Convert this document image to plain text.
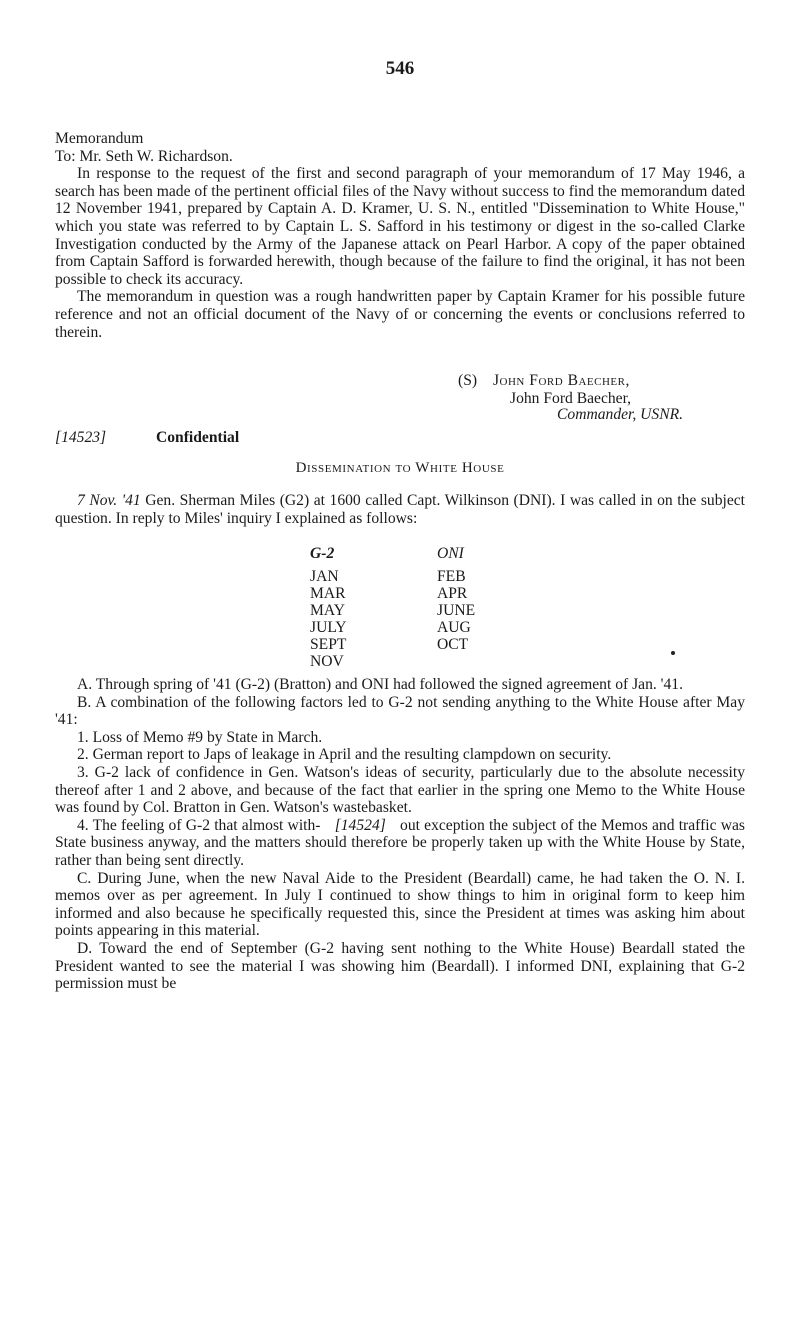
546

Memorandum

To: Mr. Seth W. Richardson.

In response to the request of the first and second paragraph of your memorandum of 17 May 1946, a search has been made of the pertinent official files of the Navy without success to find the memorandum dated 12 November 1941, prepared by Captain A. D. Kramer, U. S. N., entitled "Dissemination to White House," which you state was referred to by Captain L. S. Safford in his testimony or digest in the so-called Clarke Investigation conducted by the Army of the Japanese attack on Pearl Harbor. A copy of the paper obtained from Captain Safford is forwarded herewith, though because of the failure to find the original, it has not been possible to check its accuracy.

The memorandum in question was a rough handwritten paper by Captain Kramer for his possible future reference and not an official document of the Navy of or concerning the events or conclusions referred to therein.

(S) John Ford Baecher,
John Ford Baecher,
Commander, USNR.
[14523]	Confidential
Dissemination to White House

7 Nov. '41 Gen. Sherman Miles (G2) at 1600 called Capt. Wilkinson (DNI). I was called in on the subject question. In reply to Miles' inquiry I explained as follows:

G-2	ONI

JAN	FEB
MAR	APR
MAY	JUNE
JULY	AUG
SEPT	OCT
NOV	

A. Through spring of '41 (G-2) (Bratton) and ONI had followed the signed agreement of Jan. '41.

B. A combination of the following factors led to G-2 not sending anything to the White House after May '41:

1. Loss of Memo #9 by State in March.

2. German report to Japs of leakage in April and the resulting clampdown on security.

3. G-2 lack of confidence in Gen. Watson's ideas of security, particularly due to the absolute necessity thereof after 1 and 2 above, and because of the fact that earlier in the spring one Memo to the White House was found by Col. Bratton in Gen. Watson's wastebasket.

4. The feeling of G-2 that almost with- [14524] out exception the subject of the Memos and traffic was State business anyway, and the matters should therefore be properly taken up with the White House by State, rather than being sent directly.

C. During June, when the new Naval Aide to the President (Beardall) came, he had taken the O. N. I. memos over as per agreement. In July I continued to show things to him in original form to keep him informed and also because he specifically requested this, since the President at times was asking him about points appearing in this material.

D. Toward the end of September (G-2 having sent nothing to the White House) Beardall stated the President wanted to see the material I was showing him (Beardall). I informed DNI, explaining that G-2 permission must be
